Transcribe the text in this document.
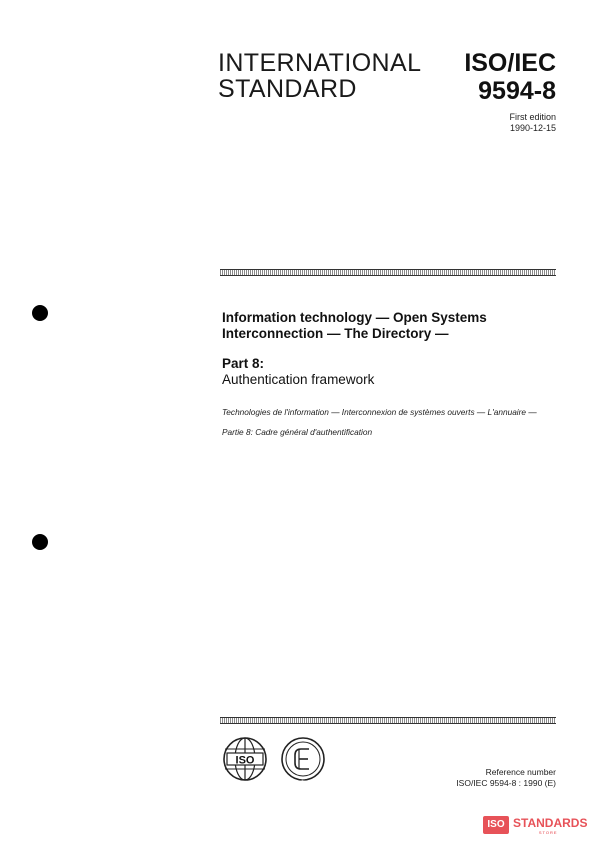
INTERNATIONAL
STANDARD
ISO/IEC
9594-8
First edition
1990-12-15
Information technology — Open Systems
Interconnection — The Directory —
Part 8:
Authentication framework
Technologies de l'information — Interconnexion de systèmes ouverts — L'annuaire —
Partie 8: Cadre général d'authentification
ISO
IEC
Reference number
ISO/IEC 9594-8 : 1990 (E)
ISO STANDARDS
STORE
